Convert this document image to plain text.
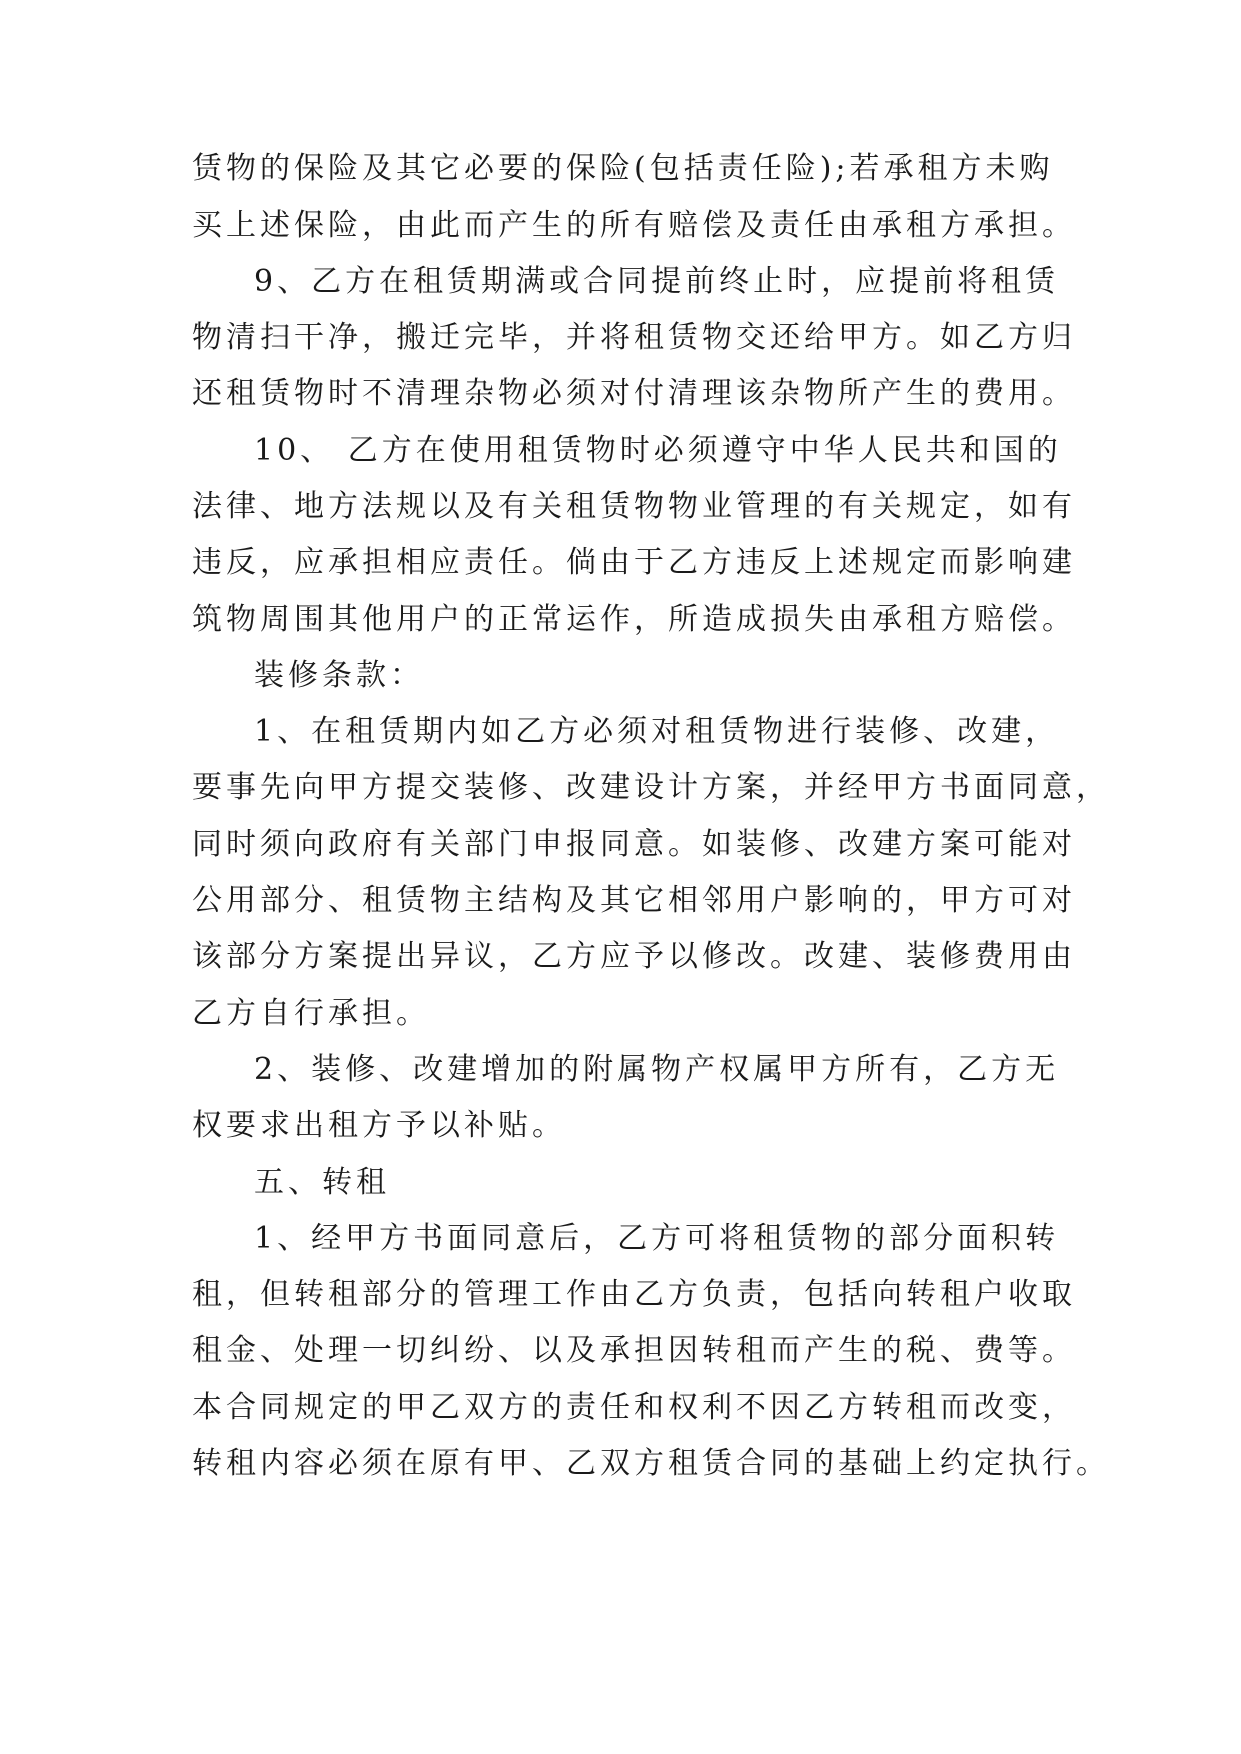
赁物的保险及其它必要的保险(包括责任险);若承租方未购
买上述保险，由此而产生的所有赔偿及责任由承租方承担。
9、乙方在租赁期满或合同提前终止时，应提前将租赁
物清扫干净，搬迁完毕，并将租赁物交还给甲方。如乙方归
还租赁物时不清理杂物必须对付清理该杂物所产生的费用。
10、 乙方在使用租赁物时必须遵守中华人民共和国的
法律、地方法规以及有关租赁物物业管理的有关规定，如有
违反，应承担相应责任。倘由于乙方违反上述规定而影响建
筑物周围其他用户的正常运作，所造成损失由承租方赔偿。
装修条款：
1、在租赁期内如乙方必须对租赁物进行装修、改建，
要事先向甲方提交装修、改建设计方案，并经甲方书面同意，
同时须向政府有关部门申报同意。如装修、改建方案可能对
公用部分、租赁物主结构及其它相邻用户影响的，甲方可对
该部分方案提出异议，乙方应予以修改。改建、装修费用由
乙方自行承担。
2、装修、改建增加的附属物产权属甲方所有，乙方无
权要求出租方予以补贴。
五、转租
1、经甲方书面同意后，乙方可将租赁物的部分面积转
租，但转租部分的管理工作由乙方负责，包括向转租户收取
租金、处理一切纠纷、以及承担因转租而产生的税、费等。
本合同规定的甲乙双方的责任和权利不因乙方转租而改变，
转租内容必须在原有甲、乙双方租赁合同的基础上约定执行。
